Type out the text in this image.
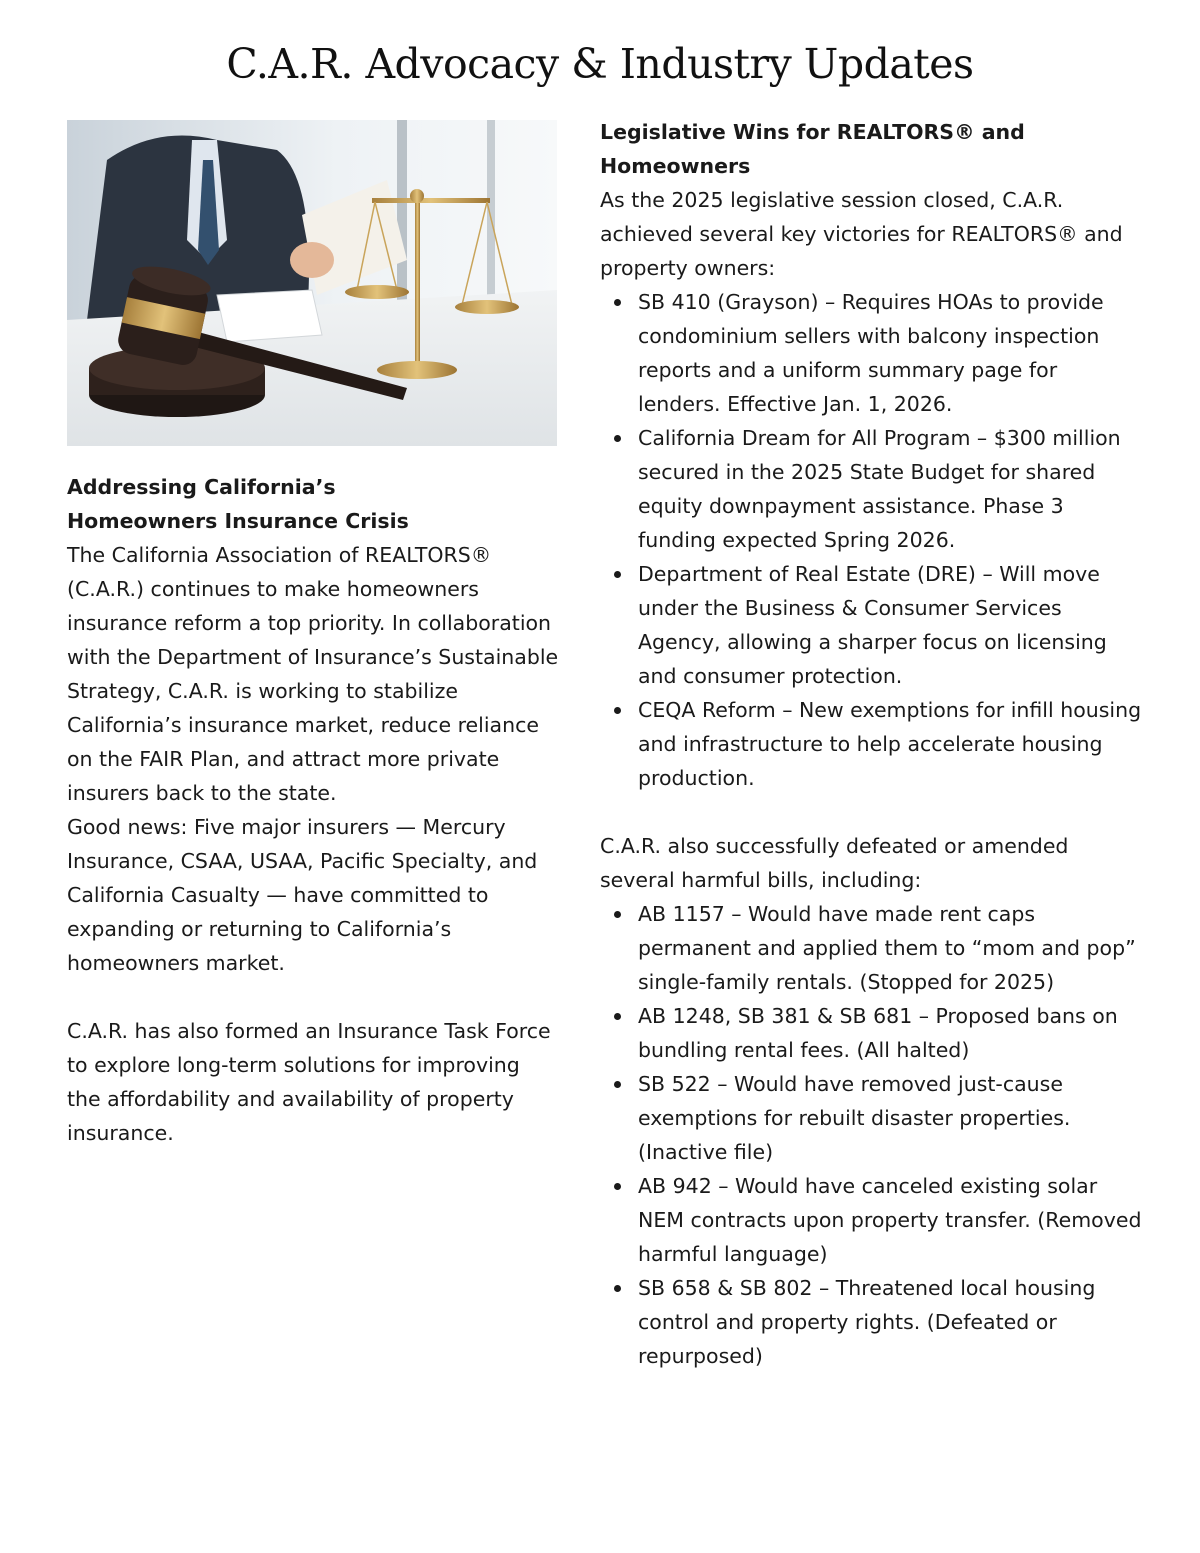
C.A.R. Advocacy & Industry Updates
Addressing California’s
Homeowners Insurance Crisis

The California Association of REALTORS® (C.A.R.) continues to make homeowners insurance reform a top priority. In collaboration with the Department of Insurance’s Sustainable Strategy, C.A.R. is working to stabilize California’s insurance market, reduce reliance on the FAIR Plan, and attract more private insurers back to the state.

Good news: Five major insurers — Mercury Insurance, CSAA, USAA, Pacific Specialty, and California Casualty — have committed to expanding or returning to California’s homeowners market.

C.A.R. has also formed an Insurance Task Force to explore long-term solutions for improving the affordability and availability of property insurance.

Legislative Wins for REALTORS® and
Homeowners

As the 2025 legislative session closed, C.A.R. achieved several key victories for REALTORS® and property owners:

SB 410 (Grayson) – Requires HOAs to provide condominium sellers with balcony inspection reports and a uniform summary page for lenders. Effective Jan. 1, 2026.
California Dream for All Program – $300 million secured in the 2025 State Budget for shared equity downpayment assistance. Phase 3 funding expected Spring 2026.
Department of Real Estate (DRE) – Will move under the Business & Consumer Services Agency, allowing a sharper focus on licensing and consumer protection.
CEQA Reform – New exemptions for infill housing and infrastructure to help accelerate housing production.

C.A.R. also successfully defeated or amended several harmful bills, including:

AB 1157 – Would have made rent caps permanent and applied them to “mom and pop” single-family rentals. (Stopped for 2025)
AB 1248, SB 381 & SB 681 – Proposed bans on bundling rental fees. (All halted)
SB 522 – Would have removed just-cause exemptions for rebuilt disaster properties. (Inactive file)
AB 942 – Would have canceled existing solar NEM contracts upon property transfer. (Removed harmful language)
SB 658 & SB 802 – Threatened local housing control and property rights. (Defeated or repurposed)
